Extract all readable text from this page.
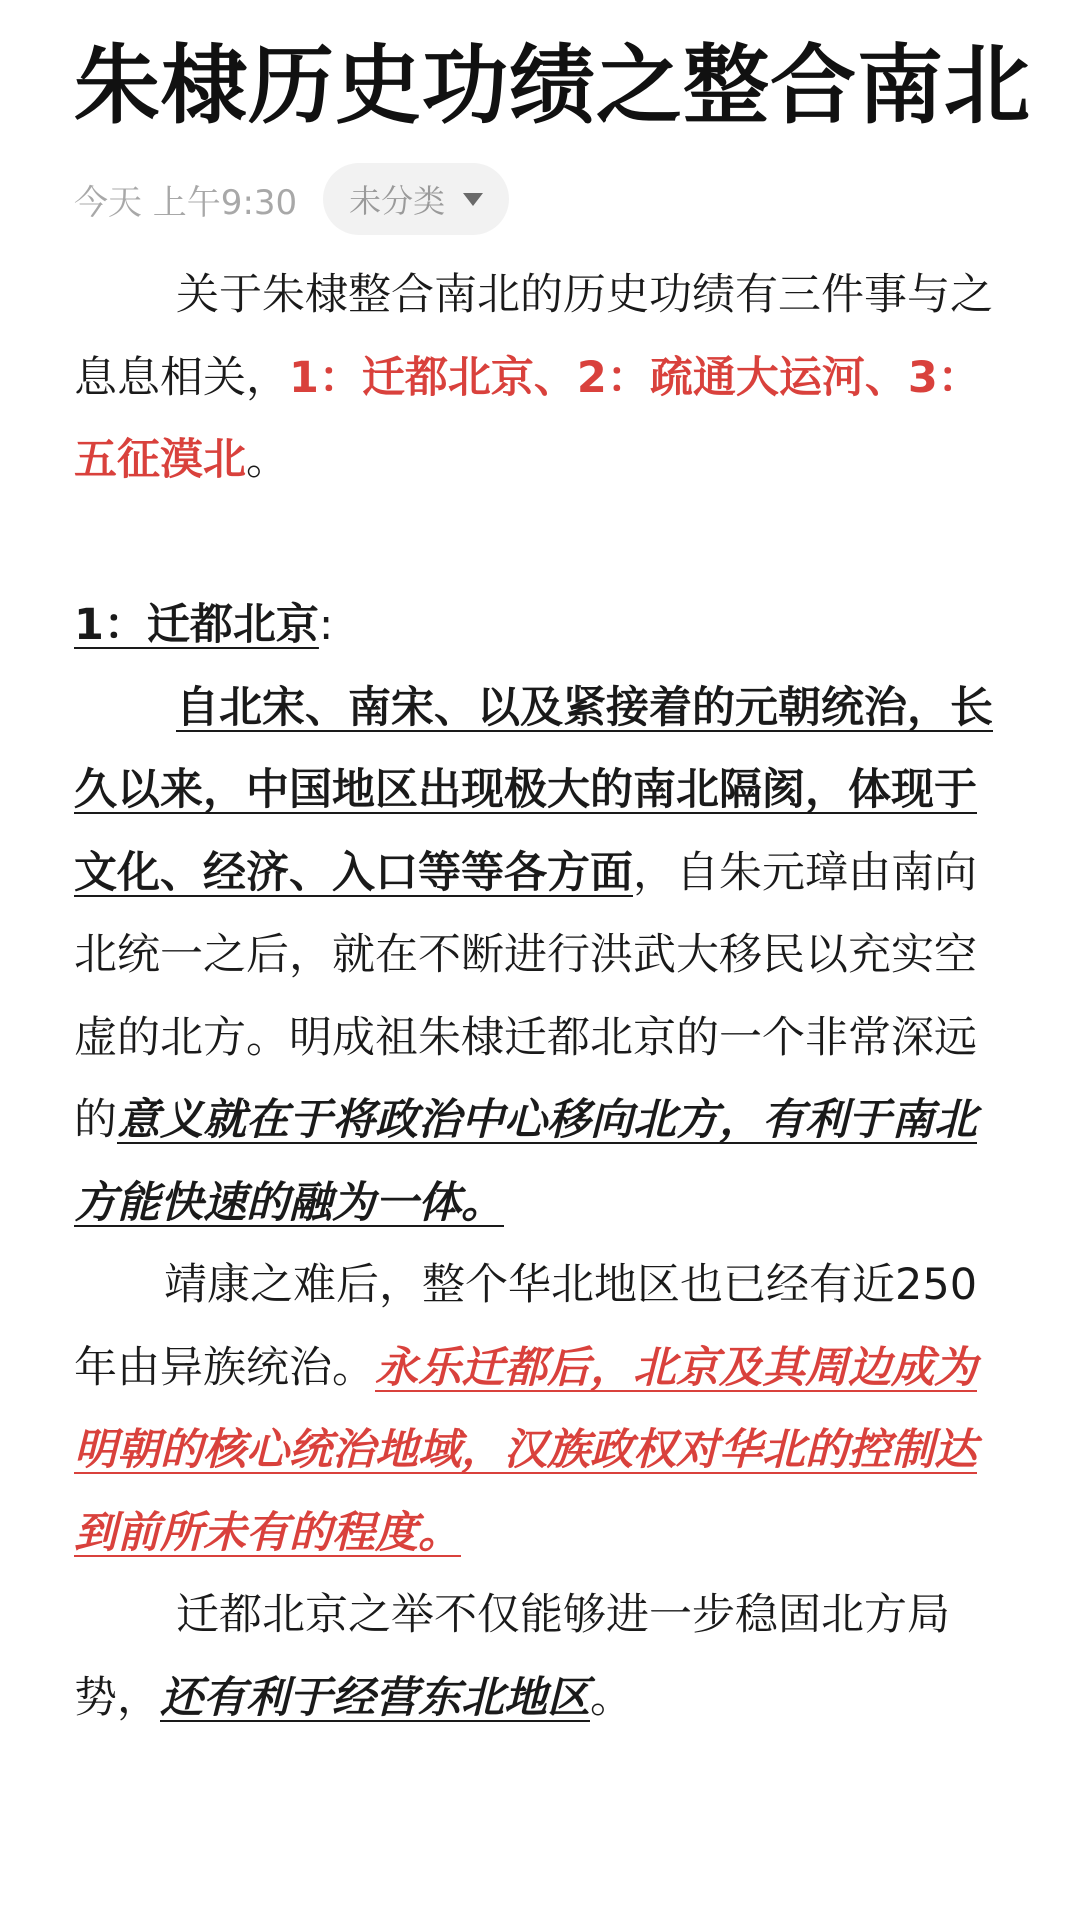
朱棣历史功绩之整合南北
今天 上午9:30 未分类

关于朱棣整合南北的历史功绩有三件事与之息息相关，1：迁都北京、2：疏通大运河、3：五征漠北。

1：迁都北京:

自北宋、南宋、以及紧接着的元朝统治，长久以来，中国地区出现极大的南北隔阂，体现于文化、经济、入口等等各方面，自朱元璋由南向北统一之后，就在不断进行洪武大移民以充实空虚的北方。明成祖朱棣迁都北京的一个非常深远的意义就在于将政治中心移向北方，有利于南北方能快速的融为一体。

靖康之难后，整个华北地区也已经有近250年由异族统治。永乐迁都后，北京及其周边成为明朝的核心统治地域，汉族政权对华北的控制达到前所未有的程度。

迁都北京之举不仅能够进一步稳固北方局势，还有利于经营东北地区。
